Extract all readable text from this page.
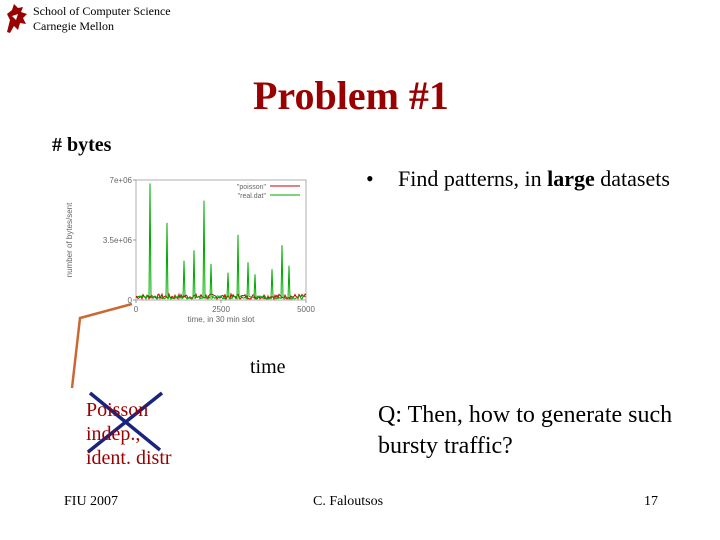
School of Computer Science
Carnegie Mellon
Problem #1
# bytes
• Find patterns, in large datasets
0
3.5e+06
7e+06
0	2500	5000
time, in 30 min slot
number of bytes/sent
"poisson"
"real.dat"
time
Poisson
indep.,
ident. distr
Q: Then, how to generate such bursty traffic?
FIU 2007	C. Faloutsos	17
